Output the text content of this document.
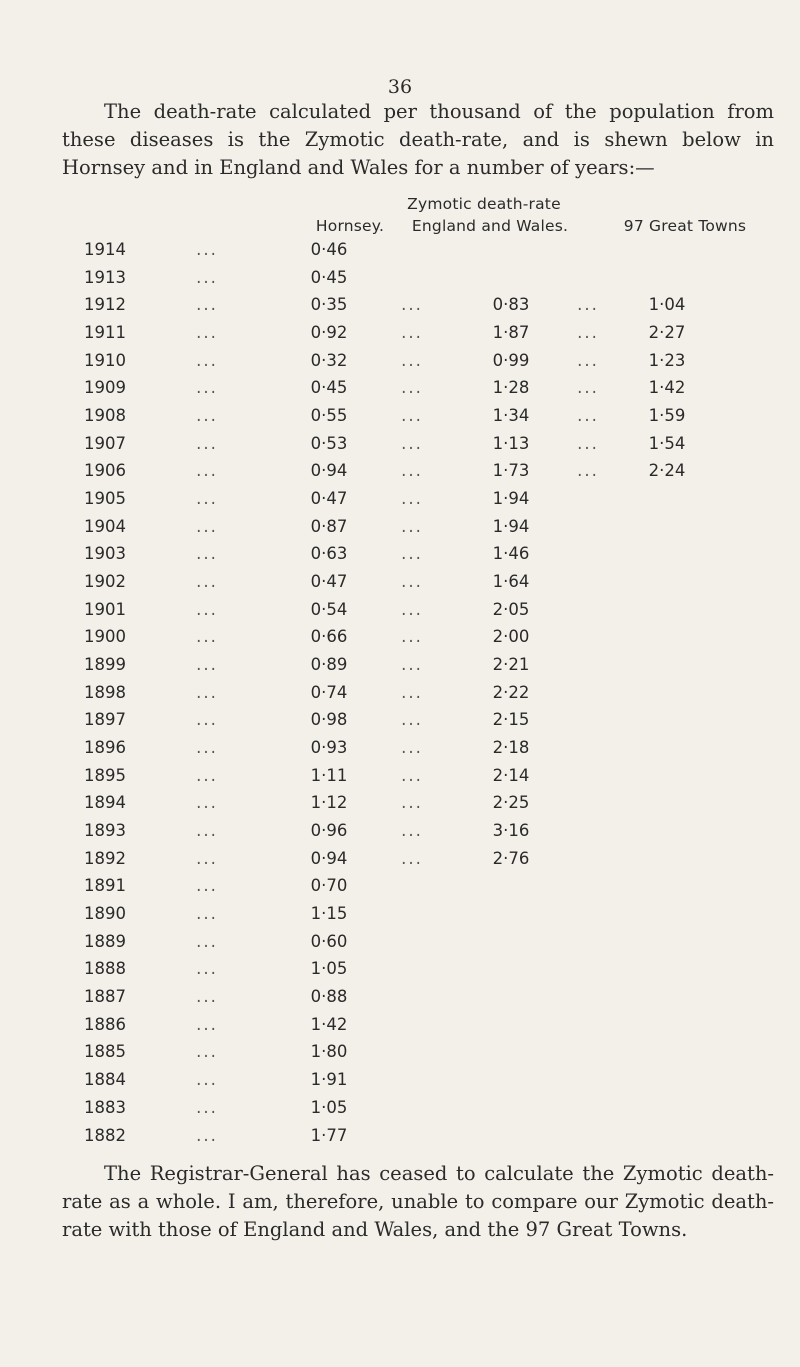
36

The death-rate calculated per thousand of the population from these diseases is the Zymotic death-rate, and is shewn below in Hornsey and in England and Wales for a number of years:—

Zymotic death-rate
Hornsey.	England and Wales.	97 Great Towns
1914	...	0·46
1913	...	0·45
1912	...	0·35	...	0·83	...	1·04
1911	...	0·92	...	1·87	...	2·27
1910	...	0·32	...	0·99	...	1·23
1909	...	0·45	...	1·28	...	1·42
1908	...	0·55	...	1·34	...	1·59
1907	...	0·53	...	1·13	...	1·54
1906	...	0·94	...	1·73	...	2·24
1905	...	0·47	...	1·94
1904	...	0·87	...	1·94
1903	...	0·63	...	1·46
1902	...	0·47	...	1·64
1901	...	0·54	...	2·05
1900	...	0·66	...	2·00
1899	...	0·89	...	2·21
1898	...	0·74	...	2·22
1897	...	0·98	...	2·15
1896	...	0·93	...	2·18
1895	...	1·11	...	2·14
1894	...	1·12	...	2·25
1893	...	0·96	...	3·16
1892	...	0·94	...	2·76
1891	...	0·70
1890	...	1·15
1889	...	0·60
1888	...	1·05
1887	...	0·88
1886	...	1·42
1885	...	1·80
1884	...	1·91
1883	...	1·05
1882	...	1·77

The Registrar-General has ceased to calculate the Zymotic death-rate as a whole. I am, therefore, unable to compare our Zymotic death-rate with those of England and Wales, and the 97 Great Towns.
